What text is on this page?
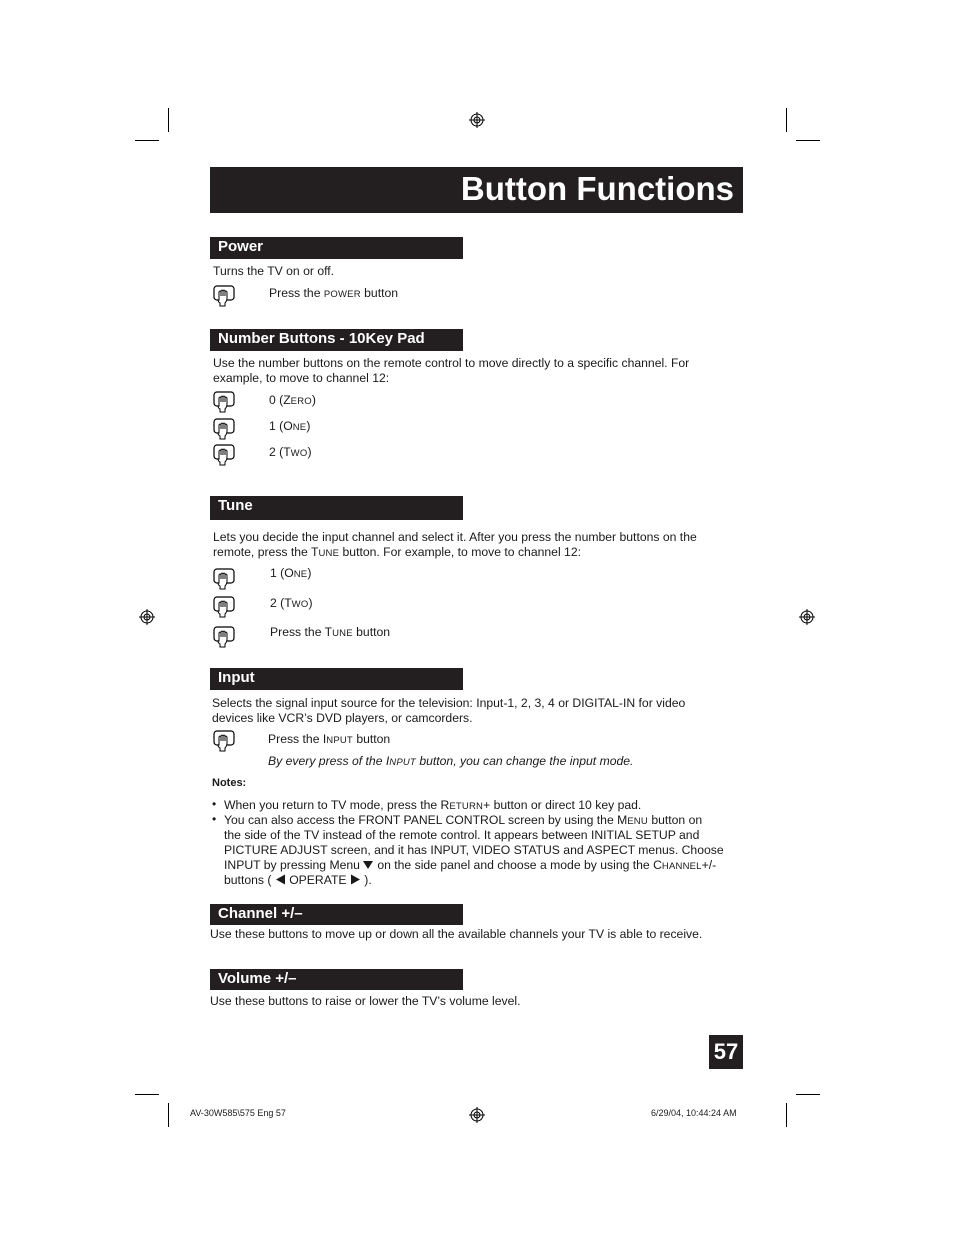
Button Functions
Power
Turns the TV on or off.
Press the POWER button
Number Buttons - 10Key Pad
Use the number buttons on the remote control to move directly to a specific channel. For
example, to move to channel 12:
0 (ZERO)
1 (ONE)
2 (TWO)
Tune
Lets you decide the input channel and select it. After you press the number buttons on the
remote, press the TUNE button. For example, to move to channel 12:
1 (ONE)
2 (TWO)
Press the TUNE button
Input
Selects the signal input source for the television: Input-1, 2, 3, 4 or DIGITAL-IN for video
devices like VCR’s DVD players, or camcorders.
Press the INPUT button
By every press of the INPUT button, you can change the input mode.
Notes:
• When you return to TV mode, press the RETURN+ button or direct 10 key pad.
• You can also access the FRONT PANEL CONTROL screen by using the MENU button on
the side of the TV instead of the remote control. It appears between INITIAL SETUP and
PICTURE ADJUST screen, and it has INPUT, VIDEO STATUS and ASPECT menus. Choose
INPUT by pressing Menu on the side panel and choose a mode by using the CHANNEL+/-
buttons (  OPERATE  ).
Channel +/–
Use these buttons to move up or down all the available channels your TV is able to receive.
Volume +/–
Use these buttons to raise or lower the TV’s volume level.
57
AV-30W585\575 Eng 57	6/29/04, 10:44:24 AM
